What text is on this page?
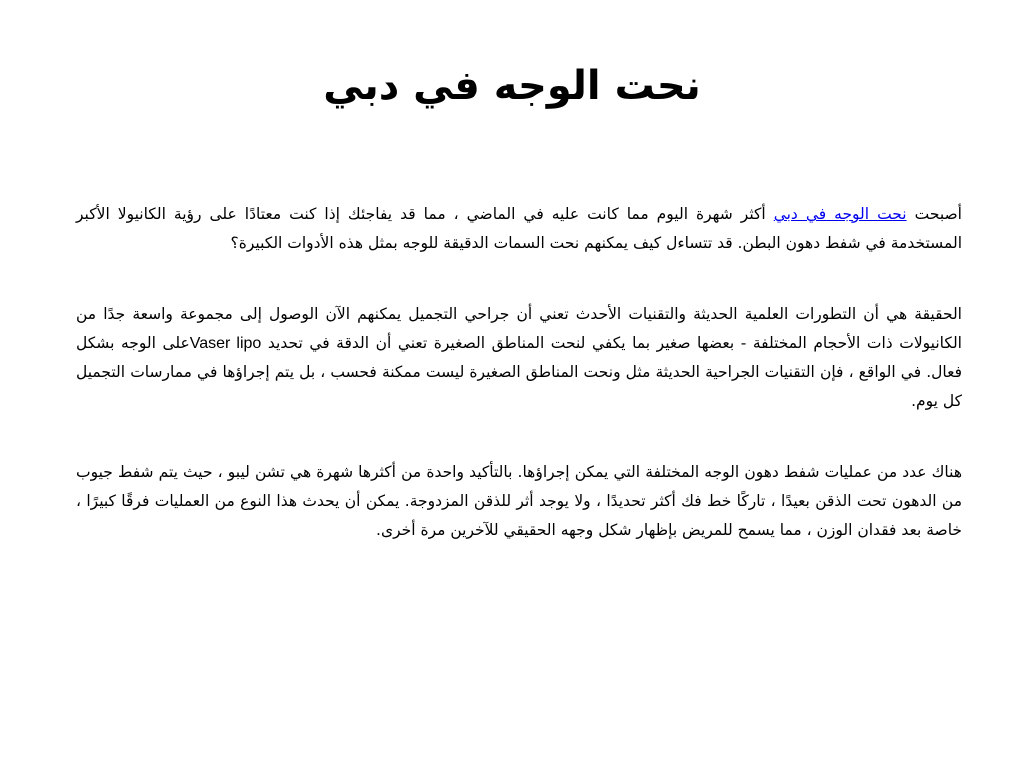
نحت الوجه في دبي

أصبحت نحت الوجه في دبي أكثر شهرة اليوم مما كانت عليه في الماضي ، مما قد يفاجئك إذا كنت معتادًا على رؤية الكانيولا الأكبر المستخدمة في شفط دهون البطن. قد تتساءل كيف يمكنهم نحت السمات الدقيقة للوجه بمثل هذه الأدوات الكبيرة؟

الحقيقة هي أن التطورات العلمية الحديثة والتقنيات الأحدث تعني أن جراحي التجميل يمكنهم الآن الوصول إلى مجموعة واسعة جدًا من الكانيولات ذات الأحجام المختلفة - بعضها صغير بما يكفي لنحت المناطق الصغيرة تعني أن الدقة في تحديد Vaser lipoعلى الوجه بشكل فعال. في الواقع ، فإن التقنيات الجراحية الحديثة مثل ونحت المناطق الصغيرة ليست ممكنة فحسب ، بل يتم إجراؤها في ممارسات التجميل كل يوم.

هناك عدد من عمليات شفط دهون الوجه المختلفة التي يمكن إجراؤها. بالتأكيد واحدة من أكثرها شهرة هي تشن ليبو ، حيث يتم شفط جيوب من الدهون تحت الذقن بعيدًا ، تاركًا خط فك أكثر تحديدًا ، ولا يوجد أثر للذقن المزدوجة. يمكن أن يحدث هذا النوع من العمليات فرقًا كبيرًا ، خاصة بعد فقدان الوزن ، مما يسمح للمريض بإظهار شكل وجهه الحقيقي للآخرين مرة أخرى.
